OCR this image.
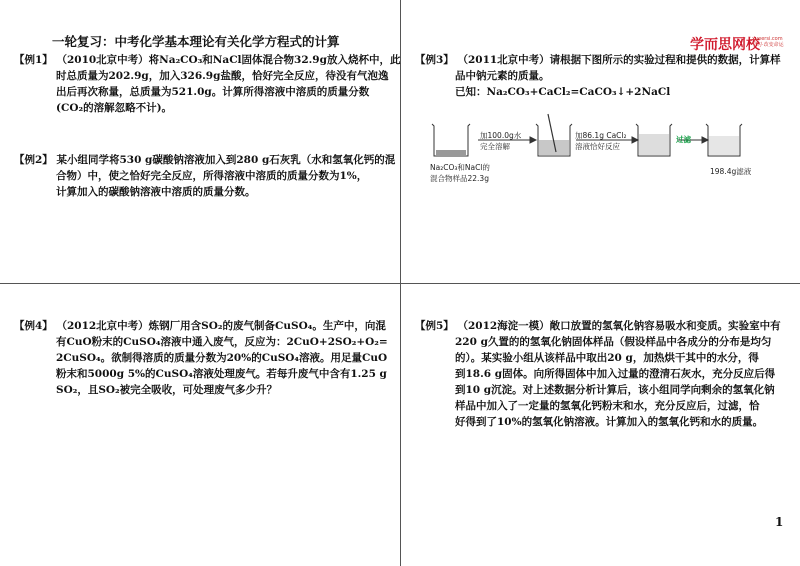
一轮复习：中考化学基本理论有关化学方程式的计算
【例1】 （2010北京中考）将Na₂CO₃和NaCl固体混合物32.9g放入烧杯中，此
时总质量为202.9g，加入326.9g盐酸，恰好完全反应，待没有气泡逸
出后再次称量，总质量为521.0g。计算所得溶液中溶质的质量分数
(CO₂的溶解忽略不计)。
【例2】 某小组同学将530 g碳酸钠溶液加入到280 g石灰乳（水和氢氧化钙的混
合物）中，使之恰好完全反应，所得溶液中溶质的质量分数为1%，
计算加入的碳酸钠溶液中溶质的质量分数。
学而思网校
xueersi.com
学习·改变命运
【例3】 （2011北京中考）请根据下图所示的实验过程和提供的数据，计算样
品中钠元素的质量。
已知：Na₂CO₃+CaCl₂=CaCO₃↓+2NaCl
加100.0g水
完全溶解
加86.1g CaCl₂
溶液恰好反应
过滤
Na₂CO₃和NaCl的
混合物样品22.3g
198.4g滤液
【例4】 （2012北京中考）炼钢厂用含SO₂的废气制备CuSO₄。生产中，向混
有CuO粉末的CuSO₄溶液中通入废气，反应为：2CuO+2SO₂+O₂=
2CuSO₄。欲制得溶质的质量分数为20%的CuSO₄溶液。用足量CuO
粉末和5000g 5%的CuSO₄溶液处理废气。若每升废气中含有1.25 g
SO₂，且SO₂被完全吸收，可处理废气多少升？
【例5】 （2012海淀一模）敞口放置的氢氧化钠容易吸水和变质。实验室中有
220 g久置的的氢氧化钠固体样品（假设样品中各成分的分布是均匀
的）。某实验小组从该样品中取出20 g，加热烘干其中的水分，得
到18.6 g固体。向所得固体中加入过量的澄清石灰水，充分反应后得
到10 g沉淀。对上述数据分析计算后，该小组同学向剩余的氢氧化钠
样品中加入了一定量的氢氧化钙粉末和水，充分反应后，过滤，恰
好得到了10%的氢氧化钠溶液。计算加入的氢氧化钙和水的质量。
1
